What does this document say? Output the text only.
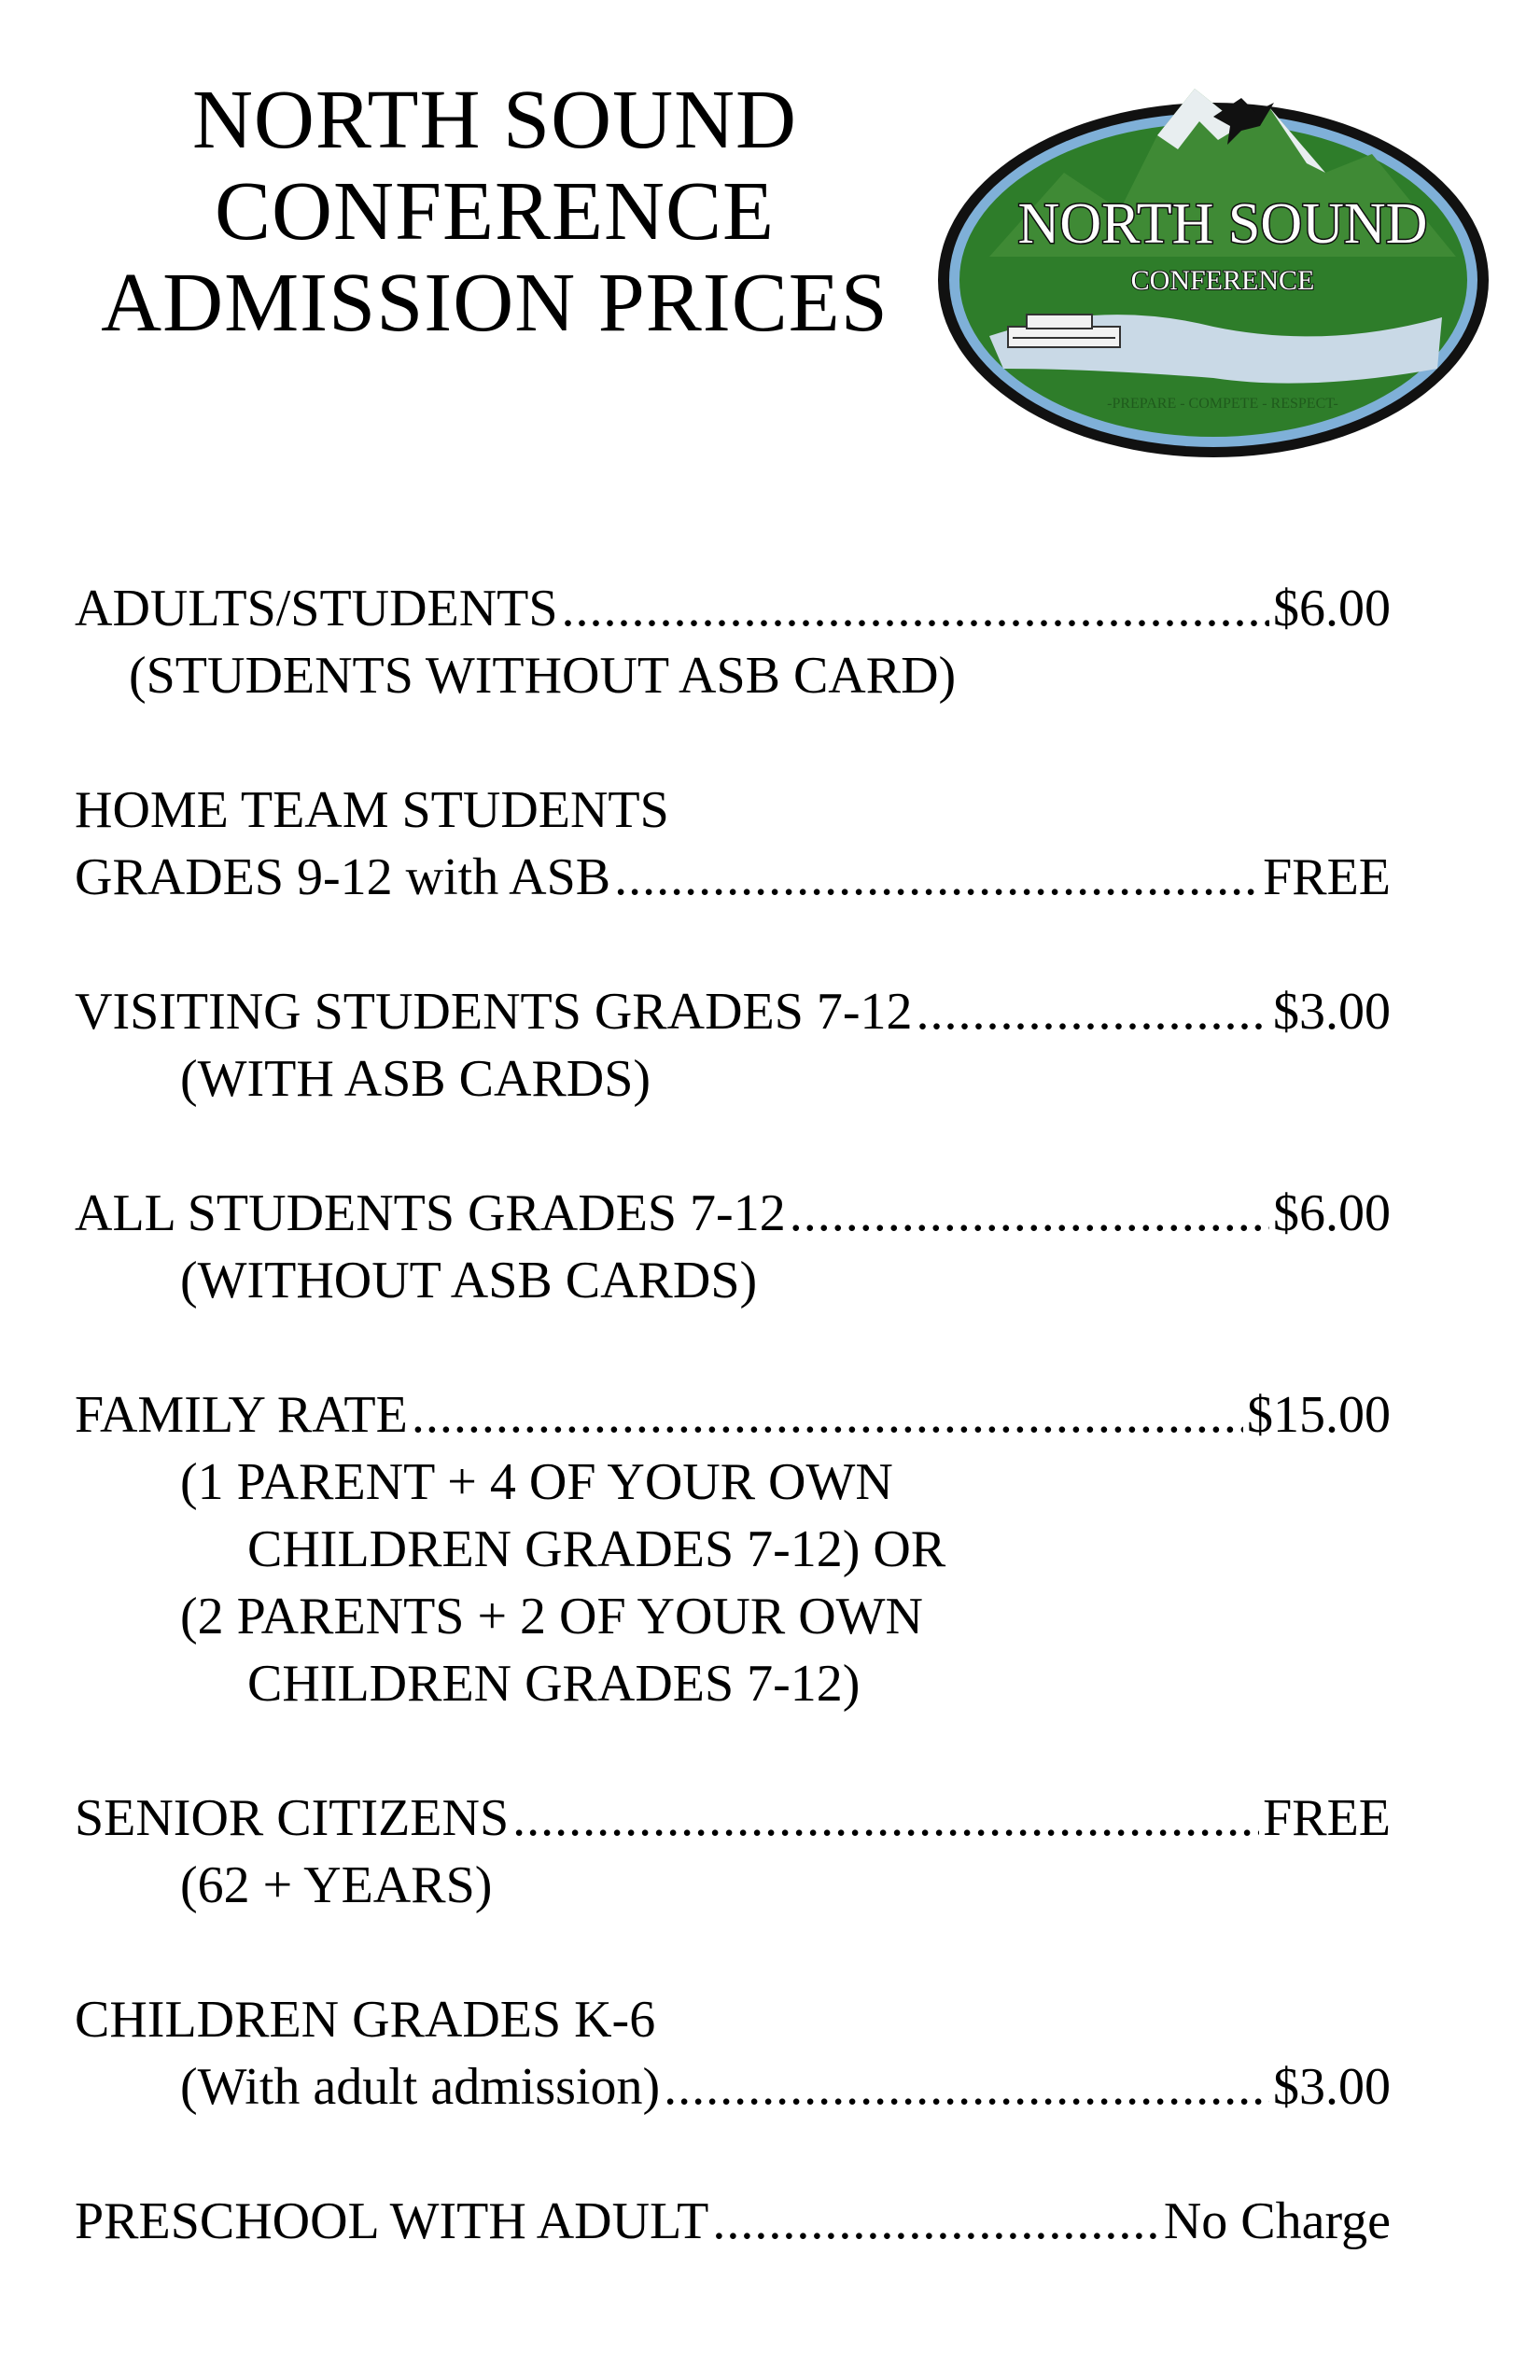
NORTH SOUND
CONFERENCE
ADMISSION PRICES
NORTH SOUND
CONFERENCE
-PREPARE - COMPETE - RESPECT-
ADULTS/STUDENTS .....	$6.00
(STUDENTS WITHOUT ASB CARD)
HOME TEAM STUDENTS
GRADES 9-12 with ASB .....	FREE
VISITING STUDENTS GRADES 7-12 .....	$3.00
(WITH ASB CARDS)
ALL STUDENTS GRADES 7-12 .....	$6.00
(WITHOUT ASB CARDS)
FAMILY RATE .....	$15.00
(1 PARENT + 4 OF YOUR OWN
CHILDREN GRADES 7-12) OR
(2 PARENTS + 2 OF YOUR OWN
CHILDREN GRADES 7-12)
SENIOR CITIZENS .....	FREE
(62 + YEARS)
CHILDREN GRADES K-6
(With adult admission) .....	$3.00
PRESCHOOL WITH ADULT .....	No Charge
